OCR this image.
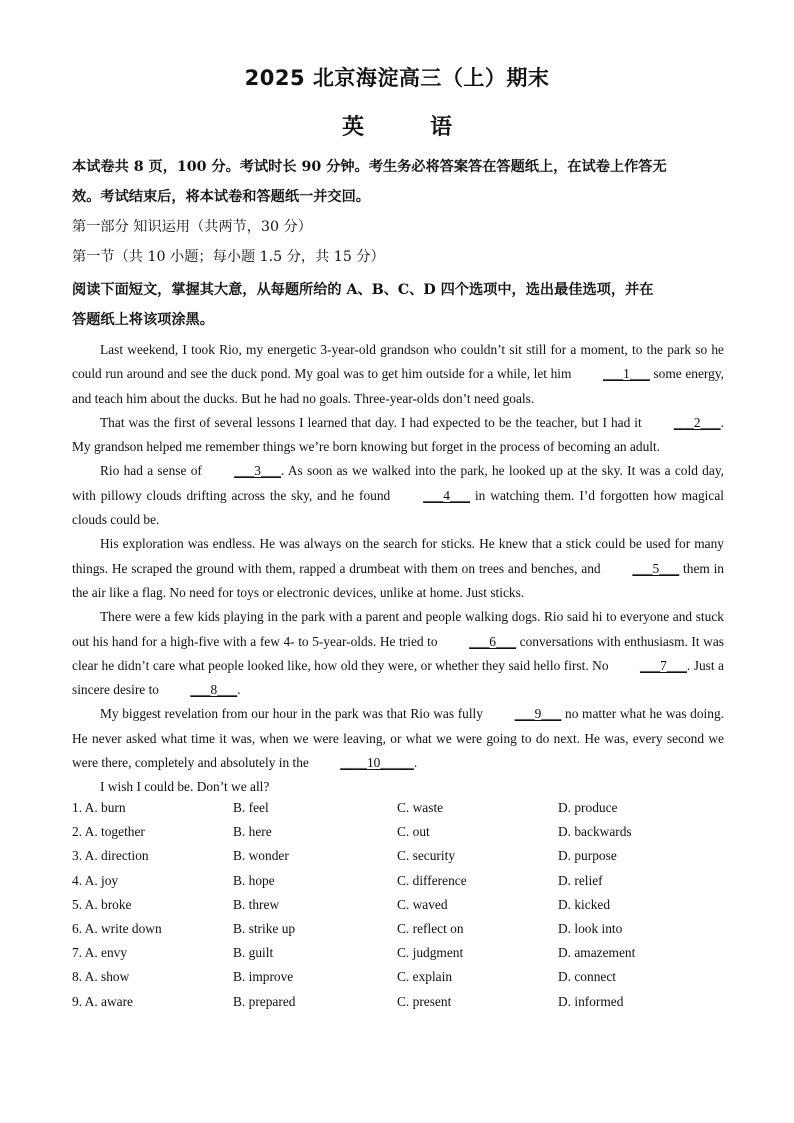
2025 北京海淀高三（上）期末
英　语
本试卷共 8 页，100 分。考试时长 90 分钟。考生务必将答案答在答题纸上，在试卷上作答无
效。考试结束后，将本试卷和答题纸一并交回。
第一部分 知识运用（共两节，30 分）
第一节（共 10 小题；每小题 1.5 分，共 15 分）
阅读下面短文，掌握其大意，从每题所给的 A、B、C、D 四个选项中，选出最佳选项，并在
答题纸上将该项涂黑。

Last weekend, I took Rio, my energetic 3-year-old grandson who couldn’t sit still for a moment, to the park so he could run around and see the duck pond. My goal was to get him outside for a while, let him ___1___ some energy, and teach him about the ducks. But he had no goals. Three-year-olds don’t need goals.

That was the first of several lessons I learned that day. I had expected to be the teacher, but I had it ___2___. My grandson helped me remember things we’re born knowing but forget in the process of becoming an adult.

Rio had a sense of ___3___. As soon as we walked into the park, he looked up at the sky. It was a cold day, with pillowy clouds drifting across the sky, and he found ___4___ in watching them. I’d forgotten how magical clouds could be.

His exploration was endless. He was always on the search for sticks. He knew that a stick could be used for many things. He scraped the ground with them, rapped a drumbeat with them on trees and benches, and ___5___ them in the air like a flag. No need for toys or electronic devices, unlike at home. Just sticks.

There were a few kids playing in the park with a parent and people walking dogs. Rio said hi to everyone and stuck out his hand for a high-five with a few 4- to 5-year-olds. He tried to ___6___ conversations with enthusiasm. It was clear he didn’t care what people looked like, how old they were, or whether they said hello first. No ___7___. Just a sincere desire to ___8___.

My biggest revelation from our hour in the park was that Rio was fully ___9___ no matter what he was doing. He never asked what time it was, when we were leaving, or what we were going to do next. He was, every second we were there, completely and absolutely in the ____10_____.

I wish I could be. Don’t we all?

1. A. burn	B. feel	C. waste	D. produce
2. A. together	B. here	C. out	D. backwards
3. A. direction	B. wonder	C. security	D. purpose
4. A. joy	B. hope	C. difference	D. relief
5. A. broke	B. threw	C. waved	D. kicked
6. A. write down	B. strike up	C. reflect on	D. look into
7. A. envy	B. guilt	C. judgment	D. amazement
8. A. show	B. improve	C. explain	D. connect
9. A. aware	B. prepared	C. present	D. informed
